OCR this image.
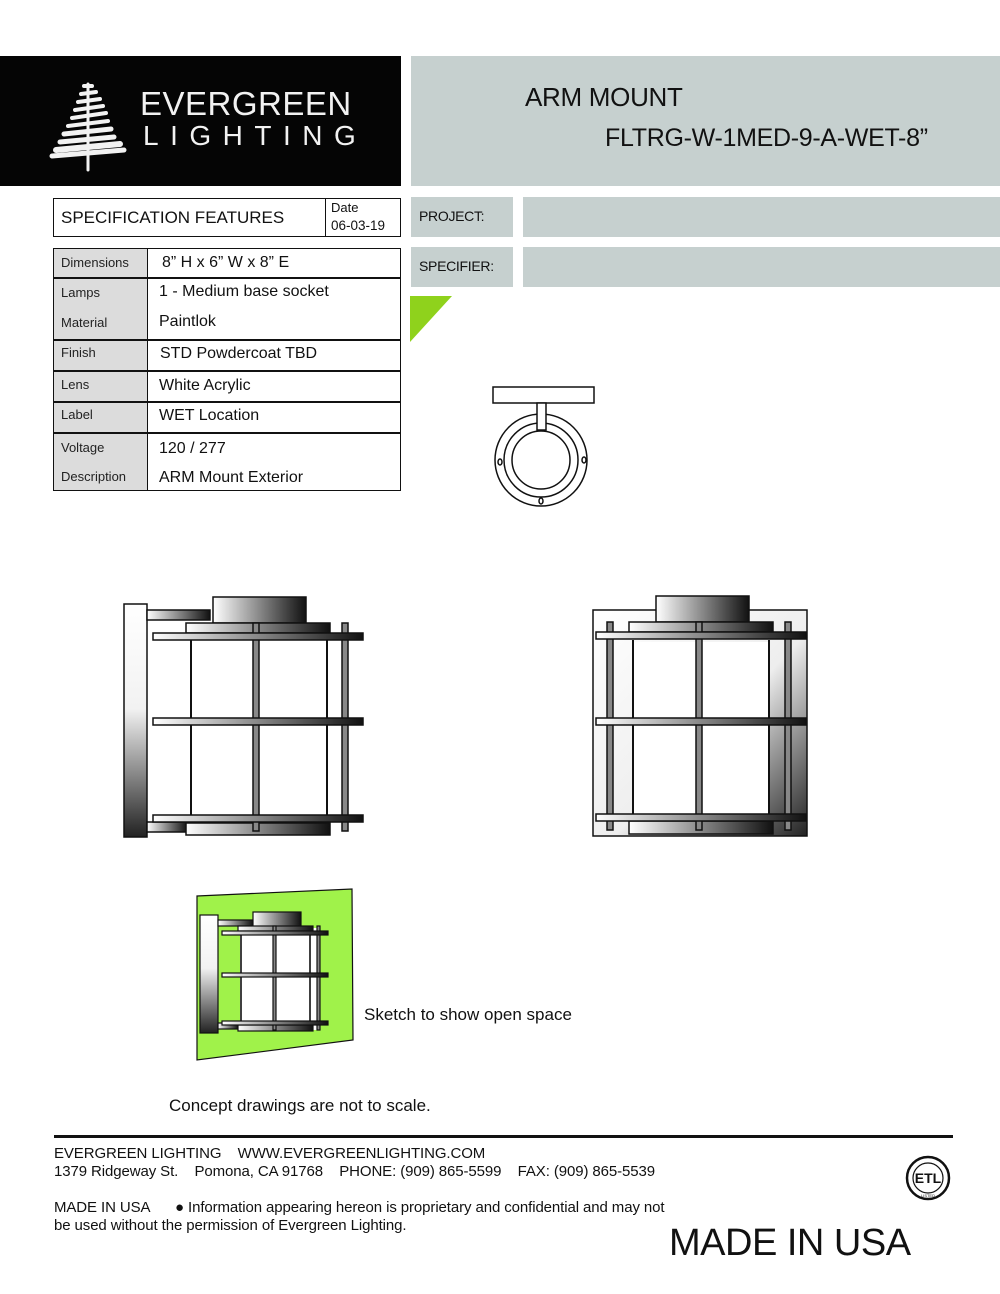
EVERGREEN
LIGHTING
ARM MOUNT
FLTRG-W-1MED-9-A-WET-8”
SPECIFICATION FEATURES
Date
06-03-19
Dimensions 8” H x 6” W x 8” E
Lamps	1 - Medium base socket
Material	Paintlok
Finish	STD Powdercoat TBD
Lens	White Acrylic
Label	WET Location
Voltage	120 / 277
Description ARM Mount Exterior
PROJECT:
SPECIFIER:
Sketch to show open space
Concept drawings are not to scale.
EVERGREEN LIGHTING    WWW.EVERGREENLIGHTING.COM
1379 Ridgeway St.    Pomona, CA 91768    PHONE: (909) 865-5599    FAX: (909) 865-5539
MADE IN USA ● Information appearing hereon is proprietary and confidential and may not
be used without the permission of Evergreen Lighting.
ETL
LISTED
MADE IN USA
